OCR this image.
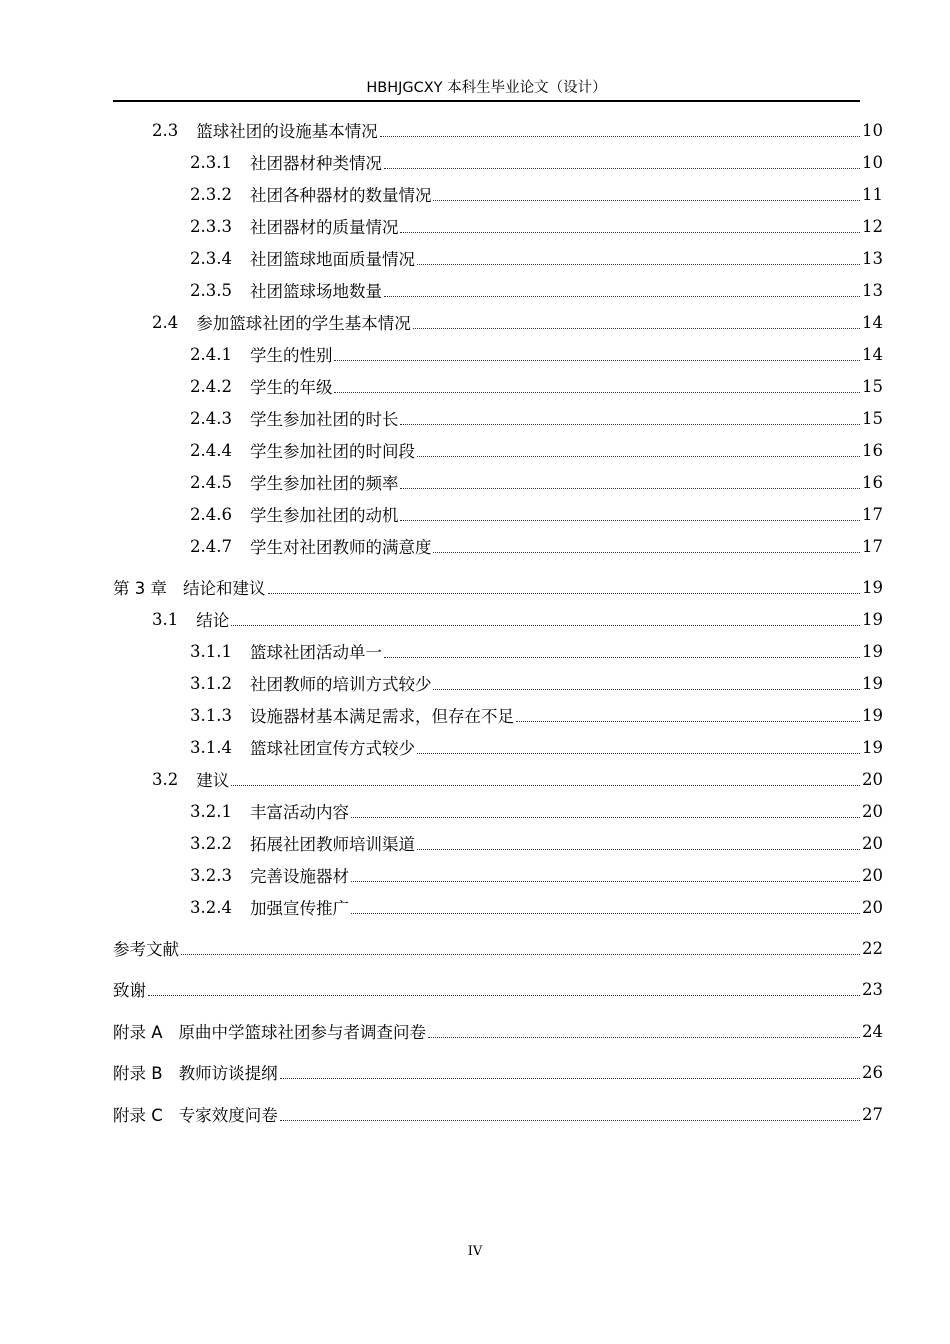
HBHJGCXY 本科生毕业论文（设计）
2.3	篮球社团的设施基本情况	10
2.3.1	社团器材种类情况	10
2.3.2	社团各种器材的数量情况	11
2.3.3	社团器材的质量情况	12
2.3.4	社团篮球地面质量情况	13
2.3.5	社团篮球场地数量	13
2.4	参加篮球社团的学生基本情况	14
2.4.1	学生的性别	14
2.4.2	学生的年级	15
2.4.3	学生参加社团的时长	15
2.4.4	学生参加社团的时间段	16
2.4.5	学生参加社团的频率	16
2.4.6	学生参加社团的动机	17
2.4.7	学生对社团教师的满意度	17
第 3 章 结论和建议	19
3.1	结论	19
3.1.1	篮球社团活动单一	19
3.1.2	社团教师的培训方式较少	19
3.1.3	设施器材基本满足需求，但存在不足	19
3.1.4	篮球社团宣传方式较少	19
3.2	建议	20
3.2.1	丰富活动内容	20
3.2.2	拓展社团教师培训渠道	20
3.2.3	完善设施器材	20
3.2.4	加强宣传推广	20
参考文献	22
致谢	23
附录 A 原曲中学篮球社团参与者调查问卷	24
附录 B 教师访谈提纲	26
附录 C 专家效度问卷	27
IV
